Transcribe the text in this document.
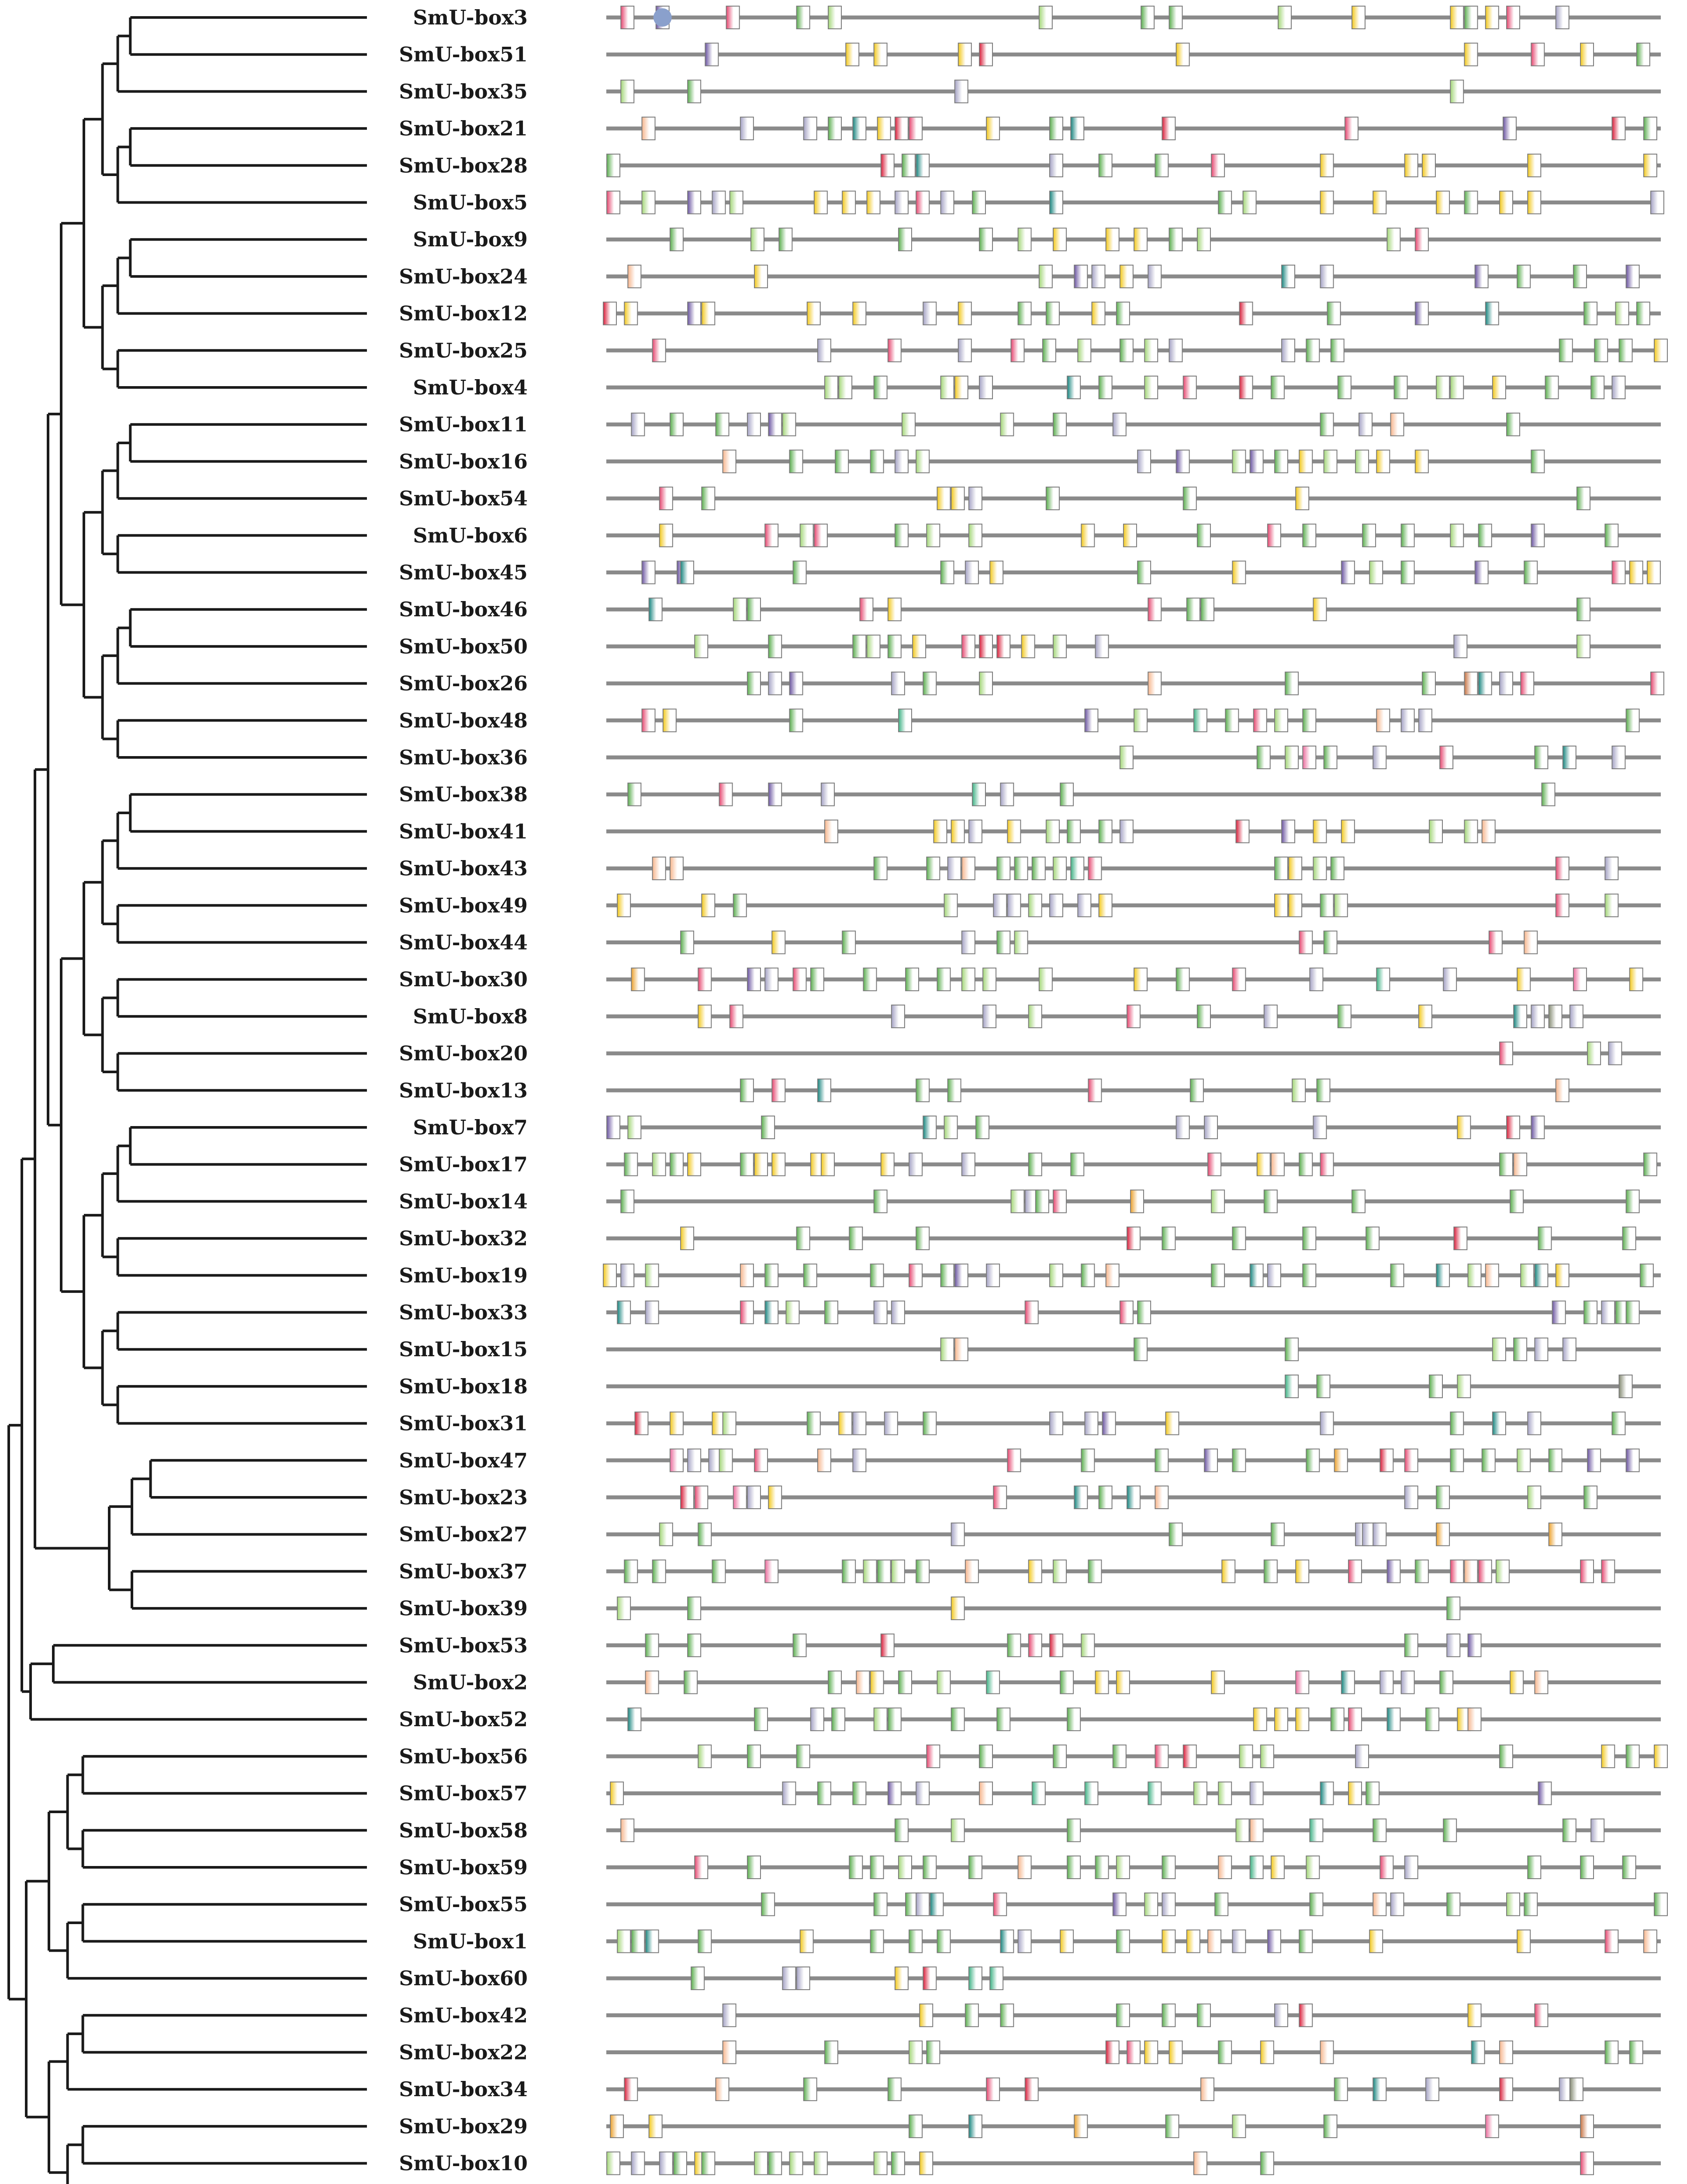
SmU-box3
SmU-box51
SmU-box35
SmU-box21
SmU-box28
SmU-box5
SmU-box9
SmU-box24
SmU-box12
SmU-box25
SmU-box4
SmU-box11
SmU-box16
SmU-box54
SmU-box6
SmU-box45
SmU-box46
SmU-box50
SmU-box26
SmU-box48
SmU-box36
SmU-box38
SmU-box41
SmU-box43
SmU-box49
SmU-box44
SmU-box30
SmU-box8
SmU-box20
SmU-box13
SmU-box7
SmU-box17
SmU-box14
SmU-box32
SmU-box19
SmU-box33
SmU-box15
SmU-box18
SmU-box31
SmU-box47
SmU-box23
SmU-box27
SmU-box37
SmU-box39
SmU-box53
SmU-box2
SmU-box52
SmU-box56
SmU-box57
SmU-box58
SmU-box59
SmU-box55
SmU-box1
SmU-box60
SmU-box42
SmU-box22
SmU-box34
SmU-box29
SmU-box10
